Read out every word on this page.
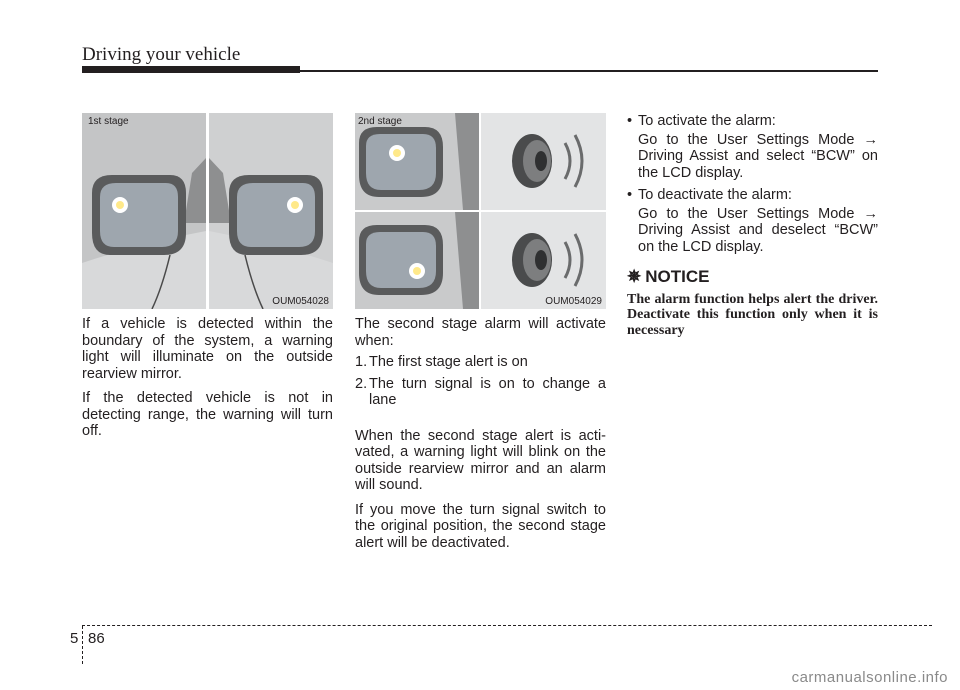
Driving your vehicle
1st stage
OUM054028
2nd stage
OUM054029

If a vehicle is detected within the boundary of the system, a warning light will illuminate on the outside rearview mirror.

If the detected vehicle is not in detecting range, the warning will turn off.

The second stage alarm will activate when:

1. The first stage alert is on
2. The turn signal is on to change a lane

When the second stage alert is acti-vated, a warning light will blink on the outside rearview mirror and an alarm will sound.

If you move the turn signal switch to the original position, the second stage alert will be deactivated.

• To activate the alarm:
Go to the User Settings Mode → Driving Assist and select “BCW” on the LCD display.
• To deactivate the alarm:
Go to the User Settings Mode → Driving Assist and deselect “BCW” on the LCD display.
✵ NOTICE
The alarm function helps alert the driver. Deactivate this function only when it is necessary
5 86
carmanualsonline.info
